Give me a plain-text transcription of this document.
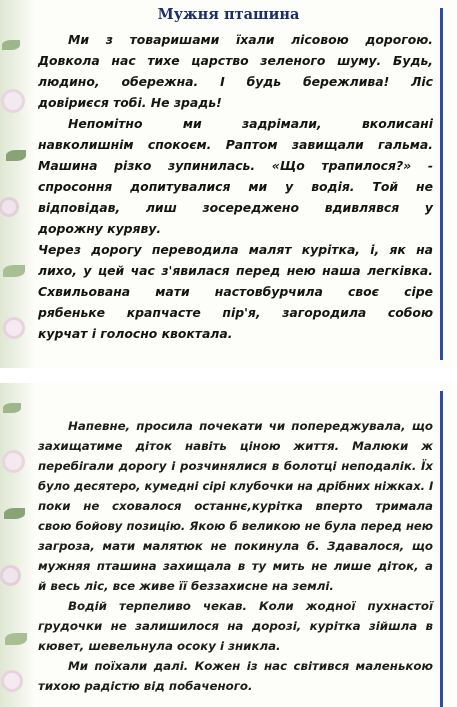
Мужня пташина
Ми з товаришами їхали лісовою дорогою.
Довкола нас тихе царство зеленого шуму. Будь,
людино, обережна. І будь бережлива! Ліс
довіриєся тобі. Не зрадь!
Непомітно ми задрімали, вколисані
навколишнім спокоєм. Раптом завищали гальма.
Машина різко зупинилась. «Що трапилося?» -
спросоння допитувалися ми у водія. Той не
відповідав, лиш зосереджено вдивлявся у
дорожну куряву.
Через дорогу переводила малят курітка, і, як на
лихо, у цей час з'явилася перед нею наша легківка.
Схвильована мати настовбурчила своє сіре
рябеньке крапчасте пір'я, загородила собою
курчат і голосно квоктала.
Напевне, просила почекати чи попереджувала, що
захищатиме діток навіть ціною життя. Малюки ж
перебігали дорогу і розчинялися в болотці неподалік. Їх
було десятеро, кумедні сірі клубочки на дрібних ніжках. І
поки не сховалося останнє,курітка вперто тримала
свою бойову позицію. Якою б великою не була перед нею
загроза, мати малятюк не покинула б. Здавалося, що
мужняя пташина захищала в ту мить не лише діток, а
й весь ліс, все живе її беззахисне на землі.
Водій терпеливо чекав. Коли жодної пухнастої
грудочки не залишилося на дорозі, курітка зійшла в
кювет, шевельнула осоку і зникла.
Ми поїхали далі. Кожен із нас світився маленькою
тихою радістю від побаченого.
